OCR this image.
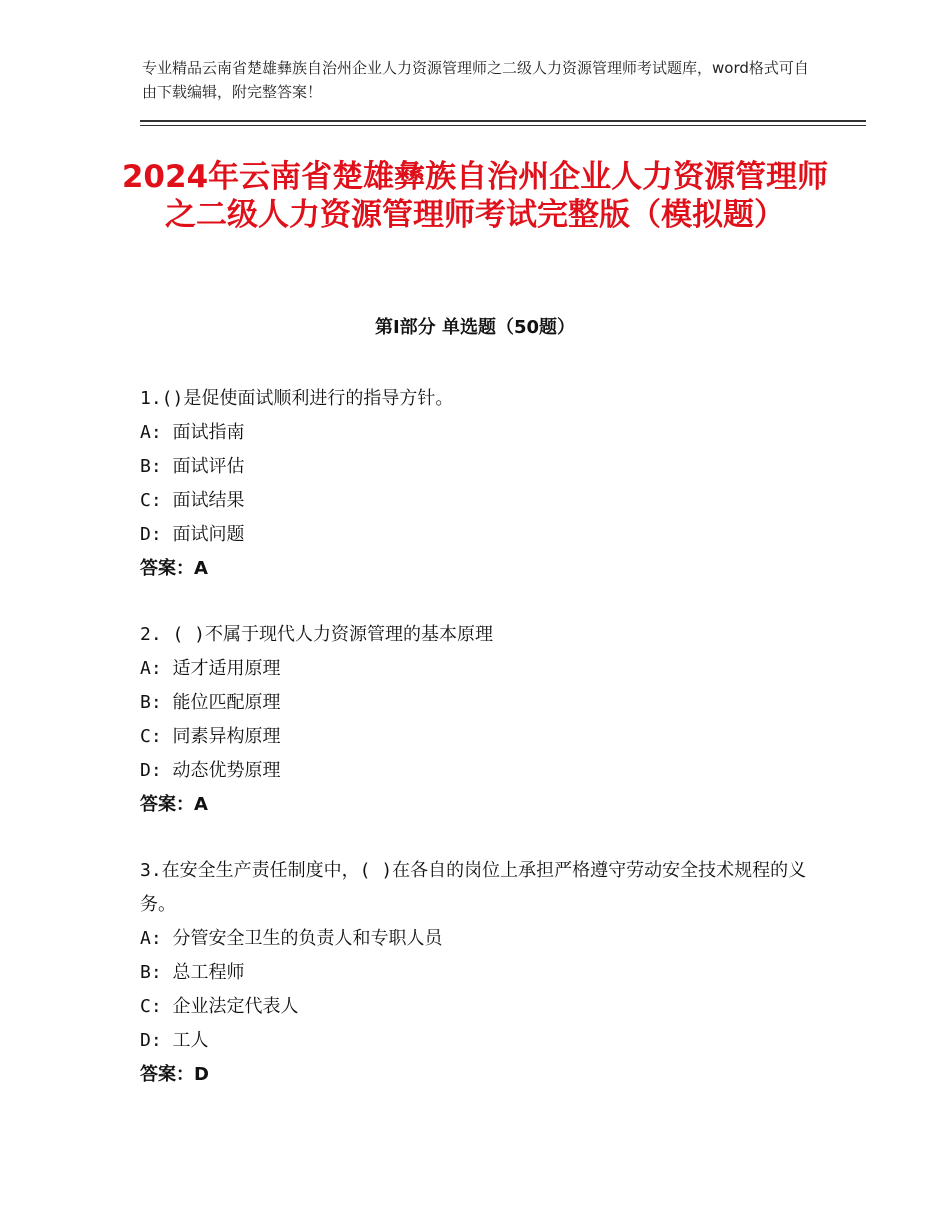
专业精品云南省楚雄彝族自治州企业人力资源管理师之二级人力资源管理师考试题库，word格式可自由下载编辑，附完整答案！
2024年云南省楚雄彝族自治州企业人力资源管理师之二级人力资源管理师考试完整版（模拟题）
第Ⅰ部分 单选题（50题）
1.()是促使面试顺利进行的指导方针。
A: 面试指南
B: 面试评估
C: 面试结果
D: 面试问题
答案：A
2. ( )不属于现代人力资源管理的基本原理
A: 适才适用原理
B: 能位匹配原理
C: 同素异构原理
D: 动态优势原理
答案：A
3.在安全生产责任制度中，( )在各自的岗位上承担严格遵守劳动安全技术规程的义务。
A: 分管安全卫生的负责人和专职人员
B: 总工程师
C: 企业法定代表人
D: 工人
答案：D
